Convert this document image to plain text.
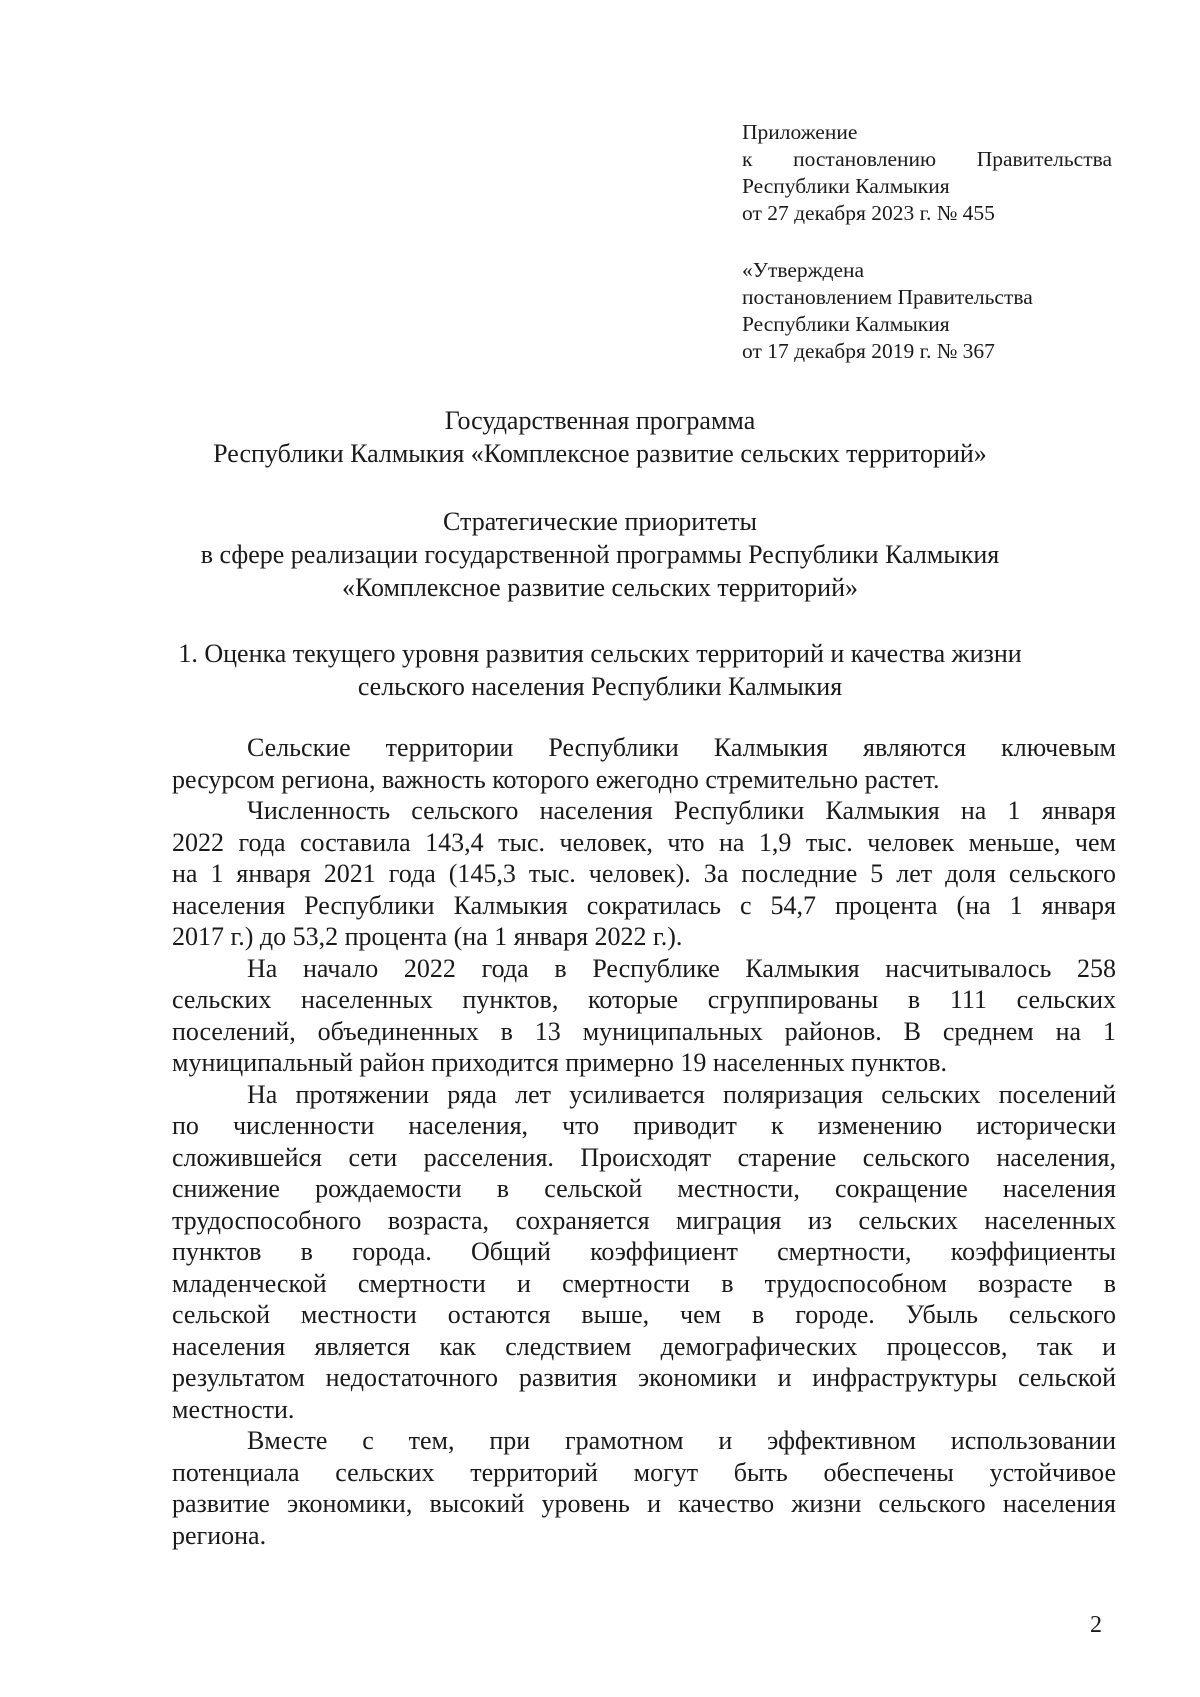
Приложение
к постановлению Правительства
Республики Калмыкия
от 27 декабря 2023 г. № 455
«Утверждена
постановлением Правительства
Республики Калмыкия
от 17 декабря 2019 г. № 367
Государственная программа
Республики Калмыкия «Комплексное развитие сельских территорий»
Стратегические приоритеты
в сфере реализации государственной программы Республики Калмыкия
«Комплексное развитие сельских территорий»
1. Оценка текущего уровня развития сельских территорий и качества жизни
сельского населения Республики Калмыкия
Сельские территории Республики Калмыкия являются ключевым
ресурсом региона, важность которого ежегодно стремительно растет.
Численность сельского населения Республики Калмыкия на 1 января
2022 года составила 143,4 тыс. человек, что на 1,9 тыс. человек меньше, чем
на 1 января 2021 года (145,3 тыс. человек). За последние 5 лет доля сельского
населения Республики Калмыкия сократилась с 54,7 процента (на 1 января
2017 г.) до 53,2 процента (на 1 января 2022 г.).
На начало 2022 года в Республике Калмыкия насчитывалось 258
сельских населенных пунктов, которые сгруппированы в 111 сельских
поселений, объединенных в 13 муниципальных районов. В среднем на 1
муниципальный район приходится примерно 19 населенных пунктов.
На протяжении ряда лет усиливается поляризация сельских поселений
по численности населения, что приводит к изменению исторически
сложившейся сети расселения. Происходят старение сельского населения,
снижение рождаемости в сельской местности, сокращение населения
трудоспособного возраста, сохраняется миграция из сельских населенных
пунктов в города. Общий коэффициент смертности, коэффициенты
младенческой смертности и смертности в трудоспособном возрасте в
сельской местности остаются выше, чем в городе. Убыль сельского
населения является как следствием демографических процессов, так и
результатом недостаточного развития экономики и инфраструктуры сельской
местности.
Вместе с тем, при грамотном и эффективном использовании
потенциала сельских территорий могут быть обеспечены устойчивое
развитие экономики, высокий уровень и качество жизни сельского населения
региона.
2
